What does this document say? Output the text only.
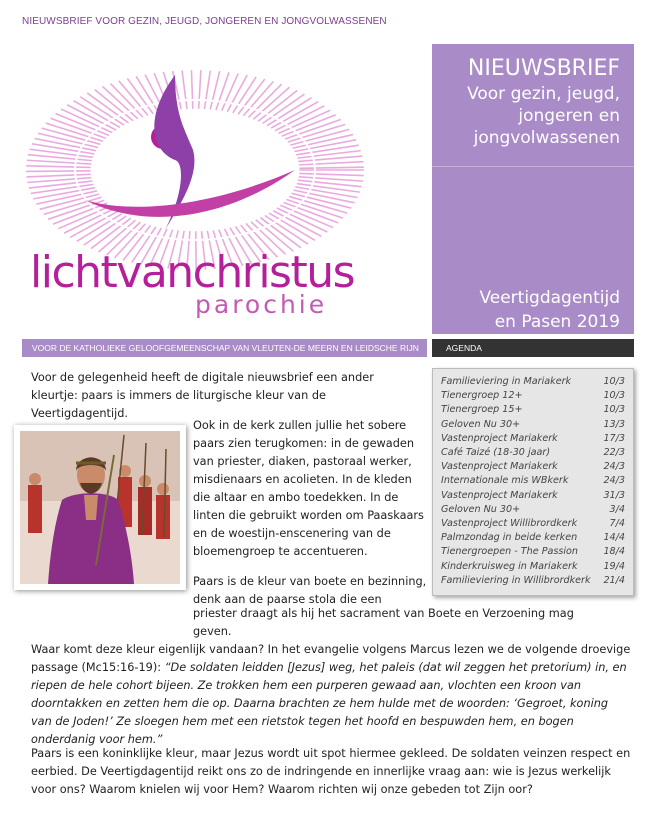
NIEUWSBRIEF VOOR GEZIN, JEUGD, JONGEREN EN JONGVOLWASSENEN
lichtvanchristus
parochie
NIEUWSBRIEF
Voor gezin, jeugd,
jongeren en
jongvolwassenen
Veertigdagentijd
en Pasen 2019
VOOR DE KATHOLIEKE GELOOFGEMEENSCHAP VAN VLEUTEN-DE MEERN EN LEIDSCHE RIJN	AGENDA
Familieviering in Mariakerk	10/3
Tienergroep 12+	10/3
Tienergroep 15+	10/3
Geloven Nu 30+	13/3
Vastenproject Mariakerk	17/3
Café Taizé (18-30 jaar)	22/3
Vastenproject Mariakerk	24/3
Internationale mis WBkerk	24/3
Vastenproject Mariakerk	31/3
Geloven Nu 30+	3/4
Vastenproject Willibrordkerk	7/4
Palmzondag in beide kerken	14/4
Tienergroepen - The Passion	18/4
Kinderkruisweg in Mariakerk	19/4
Familieviering in Willibrordkerk 21/4
Voor de gelegenheid heeft de digitale nieuwsbrief een ander kleurtje: paars is immers de liturgische kleur van de Veertigdagentijd.
Ook in de kerk zullen jullie het sobere paars zien terugkomen: in de gewaden van priester, diaken, pastoraal werker, misdienaars en acolieten. In de kleden die altaar en ambo toedekken. In de linten die gebruikt worden om Paaskaars en de woestijn-enscenering van de bloemengroep te accentueren.
Paars is de kleur van boete en bezinning, denk aan de paarse stola die een
priester draagt als hij het sacrament van Boete en Verzoening mag geven.
Waar komt deze kleur eigenlijk vandaan? In het evangelie volgens Marcus lezen we de volgende droevige passage (Mc15:16-19): “De soldaten leidden [Jezus] weg, het paleis (dat wil zeggen het pretorium) in, en riepen de hele cohort bijeen. Ze trokken hem een purperen gewaad aan, vlochten een kroon van doorntakken en zetten hem die op. Daarna brachten ze hem hulde met de woorden: ‘Gegroet, koning van de Joden!’ Ze sloegen hem met een rietstok tegen het hoofd en bespuwden hem, en bogen onderdanig voor hem.”
Paars is een koninklijke kleur, maar Jezus wordt uit spot hiermee gekleed. De soldaten veinzen respect en eerbied. De Veertigdagentijd reikt ons zo de indringende en innerlijke vraag aan: wie is Jezus werkelijk voor ons? Waarom knielen wij voor Hem? Waarom richten wij onze gebeden tot Zijn oor?
